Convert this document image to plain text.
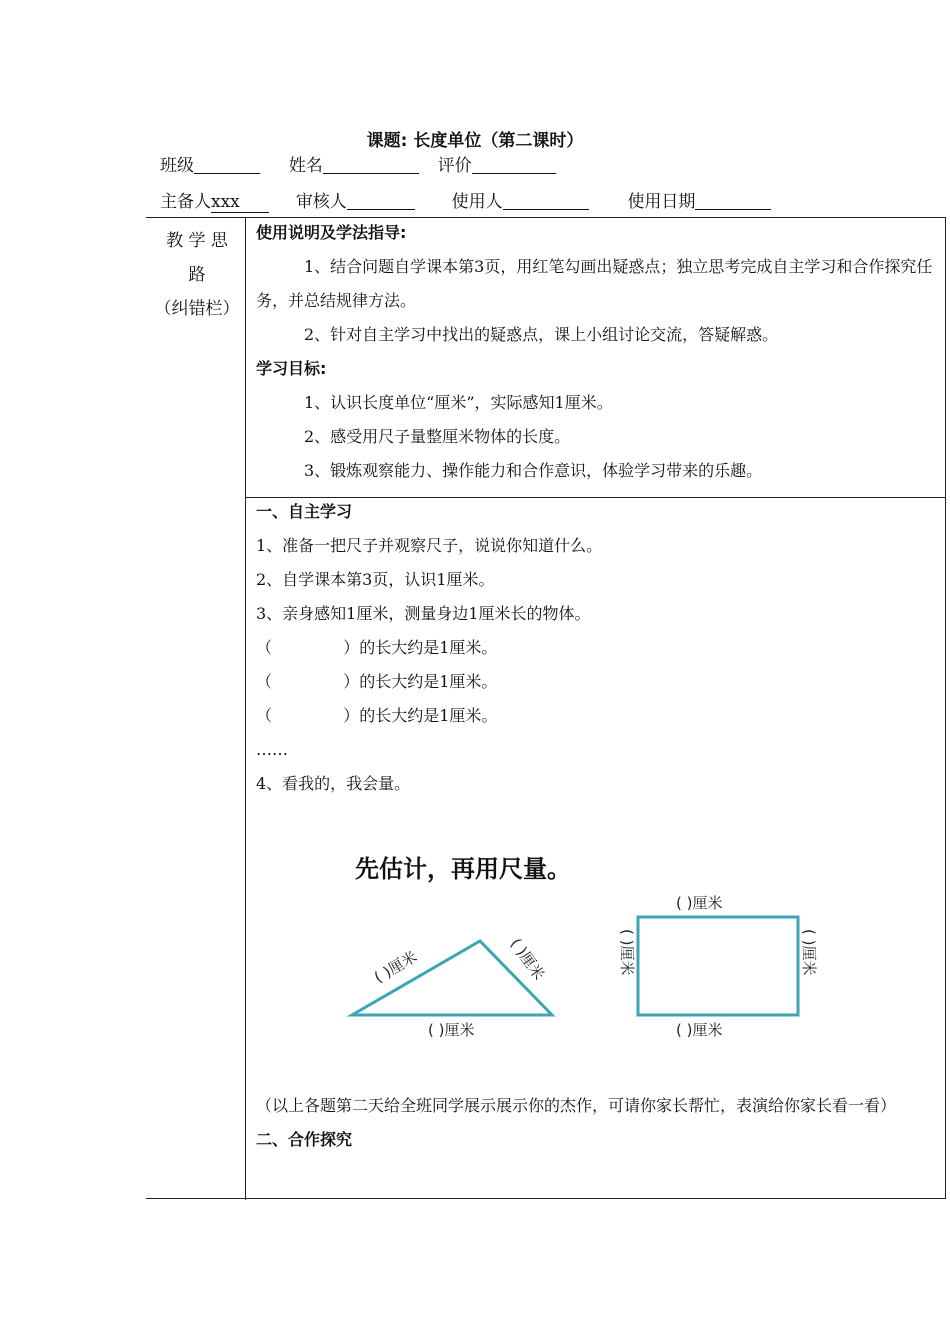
课题: 长度单位（第二课时）
班级	姓名	评价
主备人xxx	审核人	使用人	使用日期
教 学 思
路
（纠错栏）
使用说明及学法指导:
1、结合问题自学课本第3页，用红笔勾画出疑惑点；独立思考完成自主学习和合作探究任务，并总结规律方法。
2、针对自主学习中找出的疑惑点，课上小组讨论交流，答疑解惑。
学习目标:
1、认识长度单位“厘米”，实际感知1厘米。
2、感受用尺子量整厘米物体的长度。
3、锻炼观察能力、操作能力和合作意识，体验学习带来的乐趣。
一、自主学习
1、准备一把尺子并观察尺子，说说你知道什么。
2、自学课本第3页，认识1厘米。
3、亲身感知1厘米，测量身边1厘米长的物体。
（              ）的长大约是1厘米。
（              ）的长大约是1厘米。
（              ）的长大约是1厘米。
……
4、看我的，我会量。
先估计，再用尺量。
( )厘米	( )厘米
( )厘米
( )厘米
( )厘米
( )厘米	( )厘米
（以上各题第二天给全班同学展示展示你的杰作，可请你家长帮忙，表演给你家长看一看）
二、合作探究
